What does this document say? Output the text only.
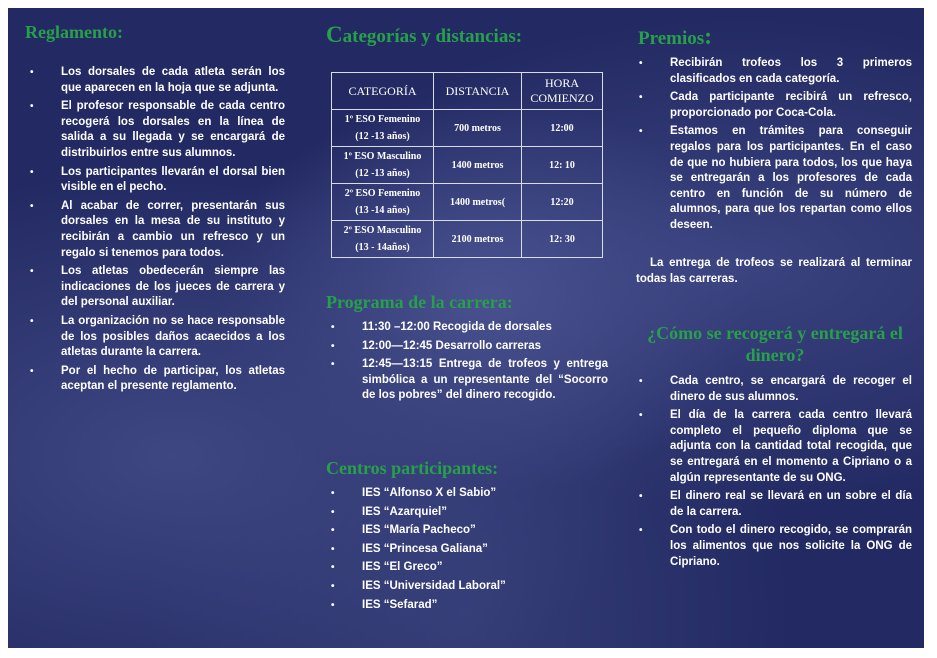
Reglamento:
• Los dorsales de cada atleta serán los que aparecen en la hoja que se adjunta.
• El profesor responsable de cada centro recogerá los dorsales en la línea de salida a su llegada y se encargará de distribuirlos entre sus alumnos.
• Los participantes llevarán el dorsal bien visible en el pecho.
• Al acabar de correr, presentarán sus dorsales en la mesa de su instituto y recibirán a cambio un refresco y un regalo si tenemos para todos.
• Los atletas obedecerán siempre las indicaciones de los jueces de carrera y del personal auxiliar.
• La organización no se hace responsable de los posibles daños acaecidos a los atletas durante la carrera.
• Por el hecho de participar, los atletas aceptan el presente reglamento.
Categorías y distancias:
CATEGORÍA	DISTANCIA	HORA COMIENZO

1º ESO Femenino
(12 -13 años)	700 metros	12:00

1º ESO Masculino
(12 -13 años)	1400 metros	12: 10

2º ESO Femenino
(13 -14 años)	1400 metros(	12:20

2º ESO Masculino
(13 - 14años)	2100 metros	12: 30
Programa de la carrera:
• 11:30 –12:00 Recogida de dorsales
• 12:00—12:45 Desarrollo carreras
• 12:45—13:15 Entrega de trofeos y entrega simbólica a un representante del “Socorro de los pobres” del dinero recogido.
Centros participantes:
• IES “Alfonso X el Sabio”
• IES “Azarquiel”
• IES “María Pacheco”
• IES “Princesa Galiana”
• IES “El Greco”
• IES “Universidad Laboral”
• IES “Sefarad”
Premios:
• Recibirán trofeos los 3 primeros clasificados en cada categoría.
• Cada participante recibirá un refresco, proporcionado por Coca-Cola.
• Estamos en trámites para conseguir regalos para los participantes. En el caso de que no hubiera para todos, los que haya se entregarán a los profesores de cada centro en función de su número de alumnos, para que los repartan como ellos deseen.

La entrega de trofeos se realizará al terminar todas las carreras.

¿Cómo se recogerá y entregará el dinero?
• Cada centro, se encargará de recoger el dinero de sus alumnos.
• El día de la carrera cada centro llevará completo el pequeño diploma que se adjunta con la cantidad total recogida, que se entregará en el momento a Cipriano o a algún representante de su ONG.
• El dinero real se llevará en un sobre el día de la carrera.
• Con todo el dinero recogido, se comprarán los alimentos que nos solicite la ONG de Cipriano.
